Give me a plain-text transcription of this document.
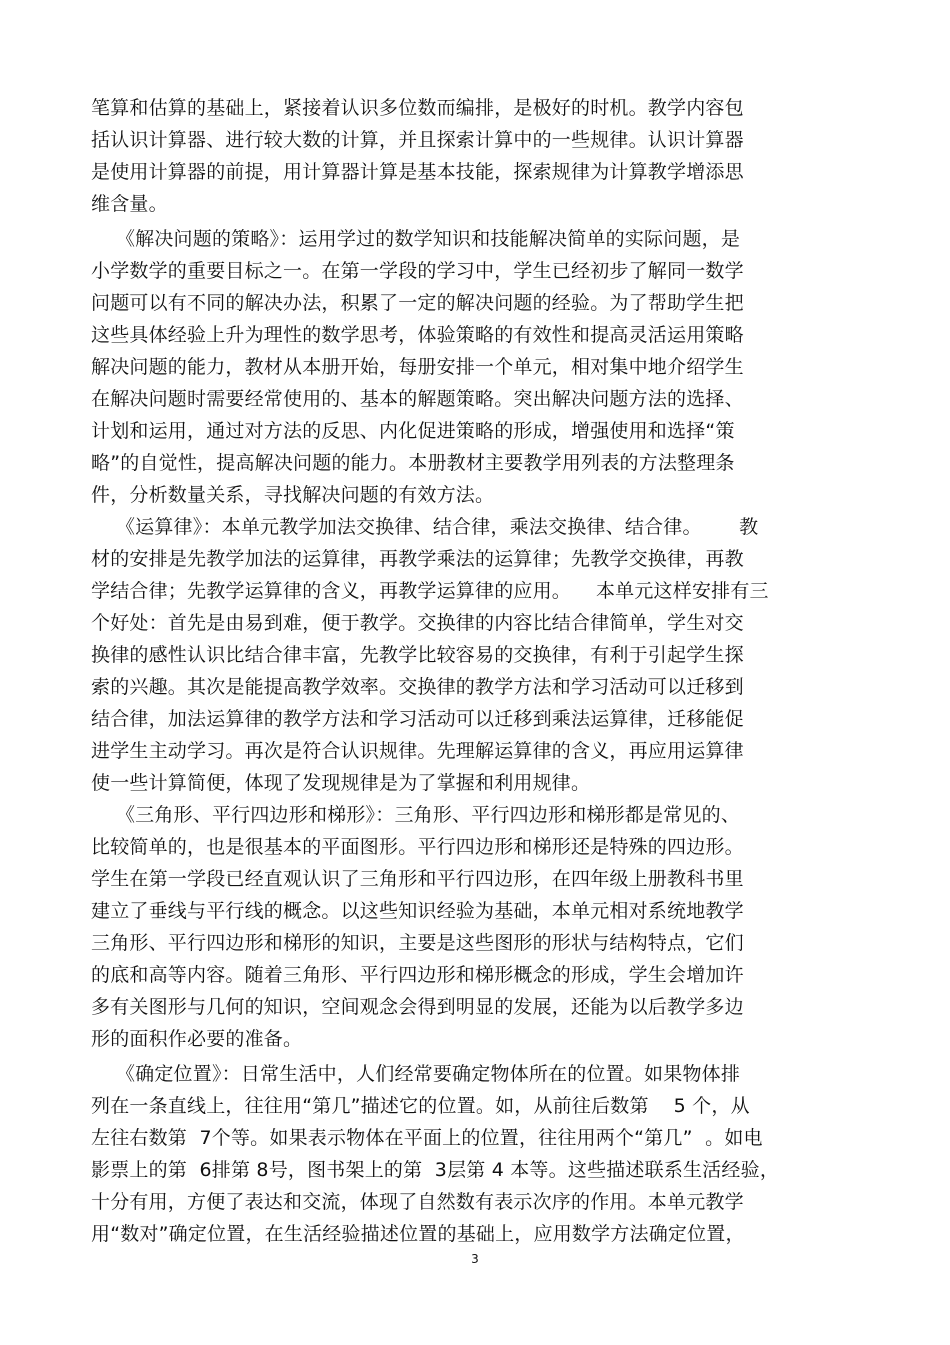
笔算和估算的基础上，紧接着认识多位数而编排，是极好的时机。教学内容包
括认识计算器、进行较大数的计算，并且探索计算中的一些规律。认识计算器
是使用计算器的前提，用计算器计算是基本技能，探索规律为计算教学增添思
维含量。
《解决问题的策略》：运用学过的数学知识和技能解决简单的实际问题，是
小学数学的重要目标之一。在第一学段的学习中，学生已经初步了解同一数学
问题可以有不同的解决办法，积累了一定的解决问题的经验。为了帮助学生把
这些具体经验上升为理性的数学思考，体验策略的有效性和提高灵活运用策略
解决问题的能力，教材从本册开始，每册安排一个单元，相对集中地介绍学生
在解决问题时需要经常使用的、基本的解题策略。突出解决问题方法的选择、
计划和运用，通过对方法的反思、内化促进策略的形成，增强使用和选择“策
略”的自觉性，提高解决问题的能力。本册教材主要教学用列表的方法整理条
件，分析数量关系，寻找解决问题的有效方法。
《运算律》：本单元教学加法交换律、结合律，乘法交换律、结合律。      教
材的安排是先教学加法的运算律，再教学乘法的运算律；先教学交换律，再教
学结合律；先教学运算律的含义，再教学运算律的应用。    本单元这样安排有三
个好处：首先是由易到难，便于教学。交换律的内容比结合律简单，学生对交
换律的感性认识比结合律丰富，先教学比较容易的交换律，有利于引起学生探
索的兴趣。其次是能提高教学效率。交换律的教学方法和学习活动可以迁移到
结合律，加法运算律的教学方法和学习活动可以迁移到乘法运算律，迁移能促
进学生主动学习。再次是符合认识规律。先理解运算律的含义，再应用运算律
使一些计算简便，体现了发现规律是为了掌握和利用规律。
《三角形、平行四边形和梯形》：三角形、平行四边形和梯形都是常见的、
比较简单的，也是很基本的平面图形。平行四边形和梯形还是特殊的四边形。
学生在第一学段已经直观认识了三角形和平行四边形，在四年级上册教科书里
建立了垂线与平行线的概念。以这些知识经验为基础，本单元相对系统地教学
三角形、平行四边形和梯形的知识，主要是这些图形的形状与结构特点，它们
的底和高等内容。随着三角形、平行四边形和梯形概念的形成，学生会增加许
多有关图形与几何的知识，空间观念会得到明显的发展，还能为以后教学多边
形的面积作必要的准备。
《确定位置》：日常生活中，人们经常要确定物体所在的位置。如果物体排
列在一条直线上，往往用“第几”描述它的位置。如，从前往后数第    5 个，从
左往右数第  7个等。如果表示物体在平面上的位置，往往用两个“第几”  。如电
影票上的第  6排第 8号，图书架上的第  3层第 4 本等。这些描述联系生活经验，
十分有用，方便了表达和交流，体现了自然数有表示次序的作用。本单元教学
用“数对”确定位置，在生活经验描述位置的基础上，应用数学方法确定位置，
3
